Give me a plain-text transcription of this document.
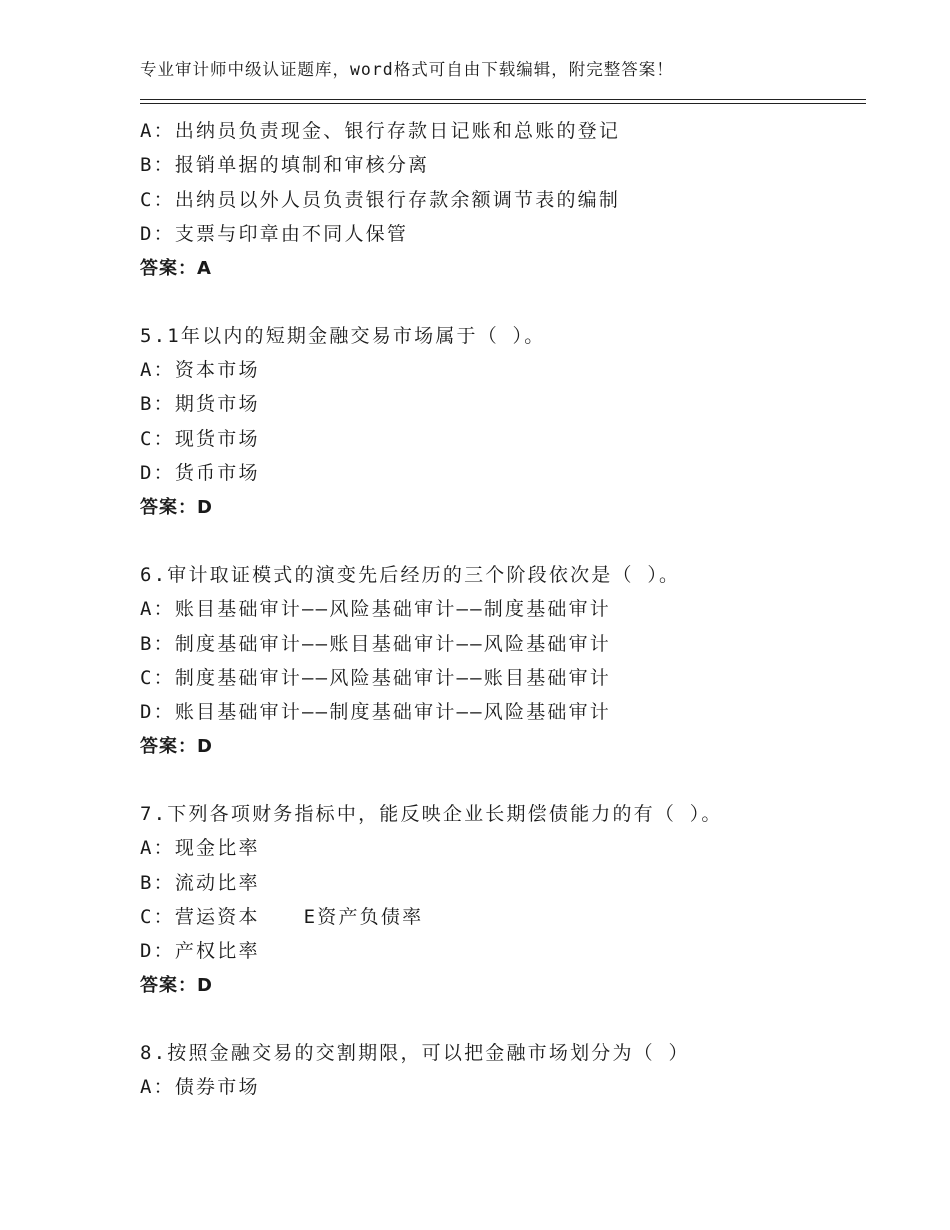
专业审计师中级认证题库，word格式可自由下载编辑，附完整答案！
A：出纳员负责现金、银行存款日记账和总账的登记
B：报销单据的填制和审核分离
C：出纳员以外人员负责银行存款余额调节表的编制
D：支票与印章由不同人保管
答案：A
5.1年以内的短期金融交易市场属于（ ）。
A：资本市场
B：期货市场
C：现货市场
D：货币市场
答案：D
6.审计取证模式的演变先后经历的三个阶段依次是（ ）。
A：账目基础审计——风险基础审计——制度基础审计
B：制度基础审计——账目基础审计——风险基础审计
C：制度基础审计——风险基础审计——账目基础审计
D：账目基础审计——制度基础审计——风险基础审计
答案：D
7.下列各项财务指标中，能反映企业长期偿债能力的有（ ）。
A：现金比率
B：流动比率
C：营运资本 E资产负债率
D：产权比率
答案：D
8.按照金融交易的交割期限，可以把金融市场划分为（ ）
A：债券市场
